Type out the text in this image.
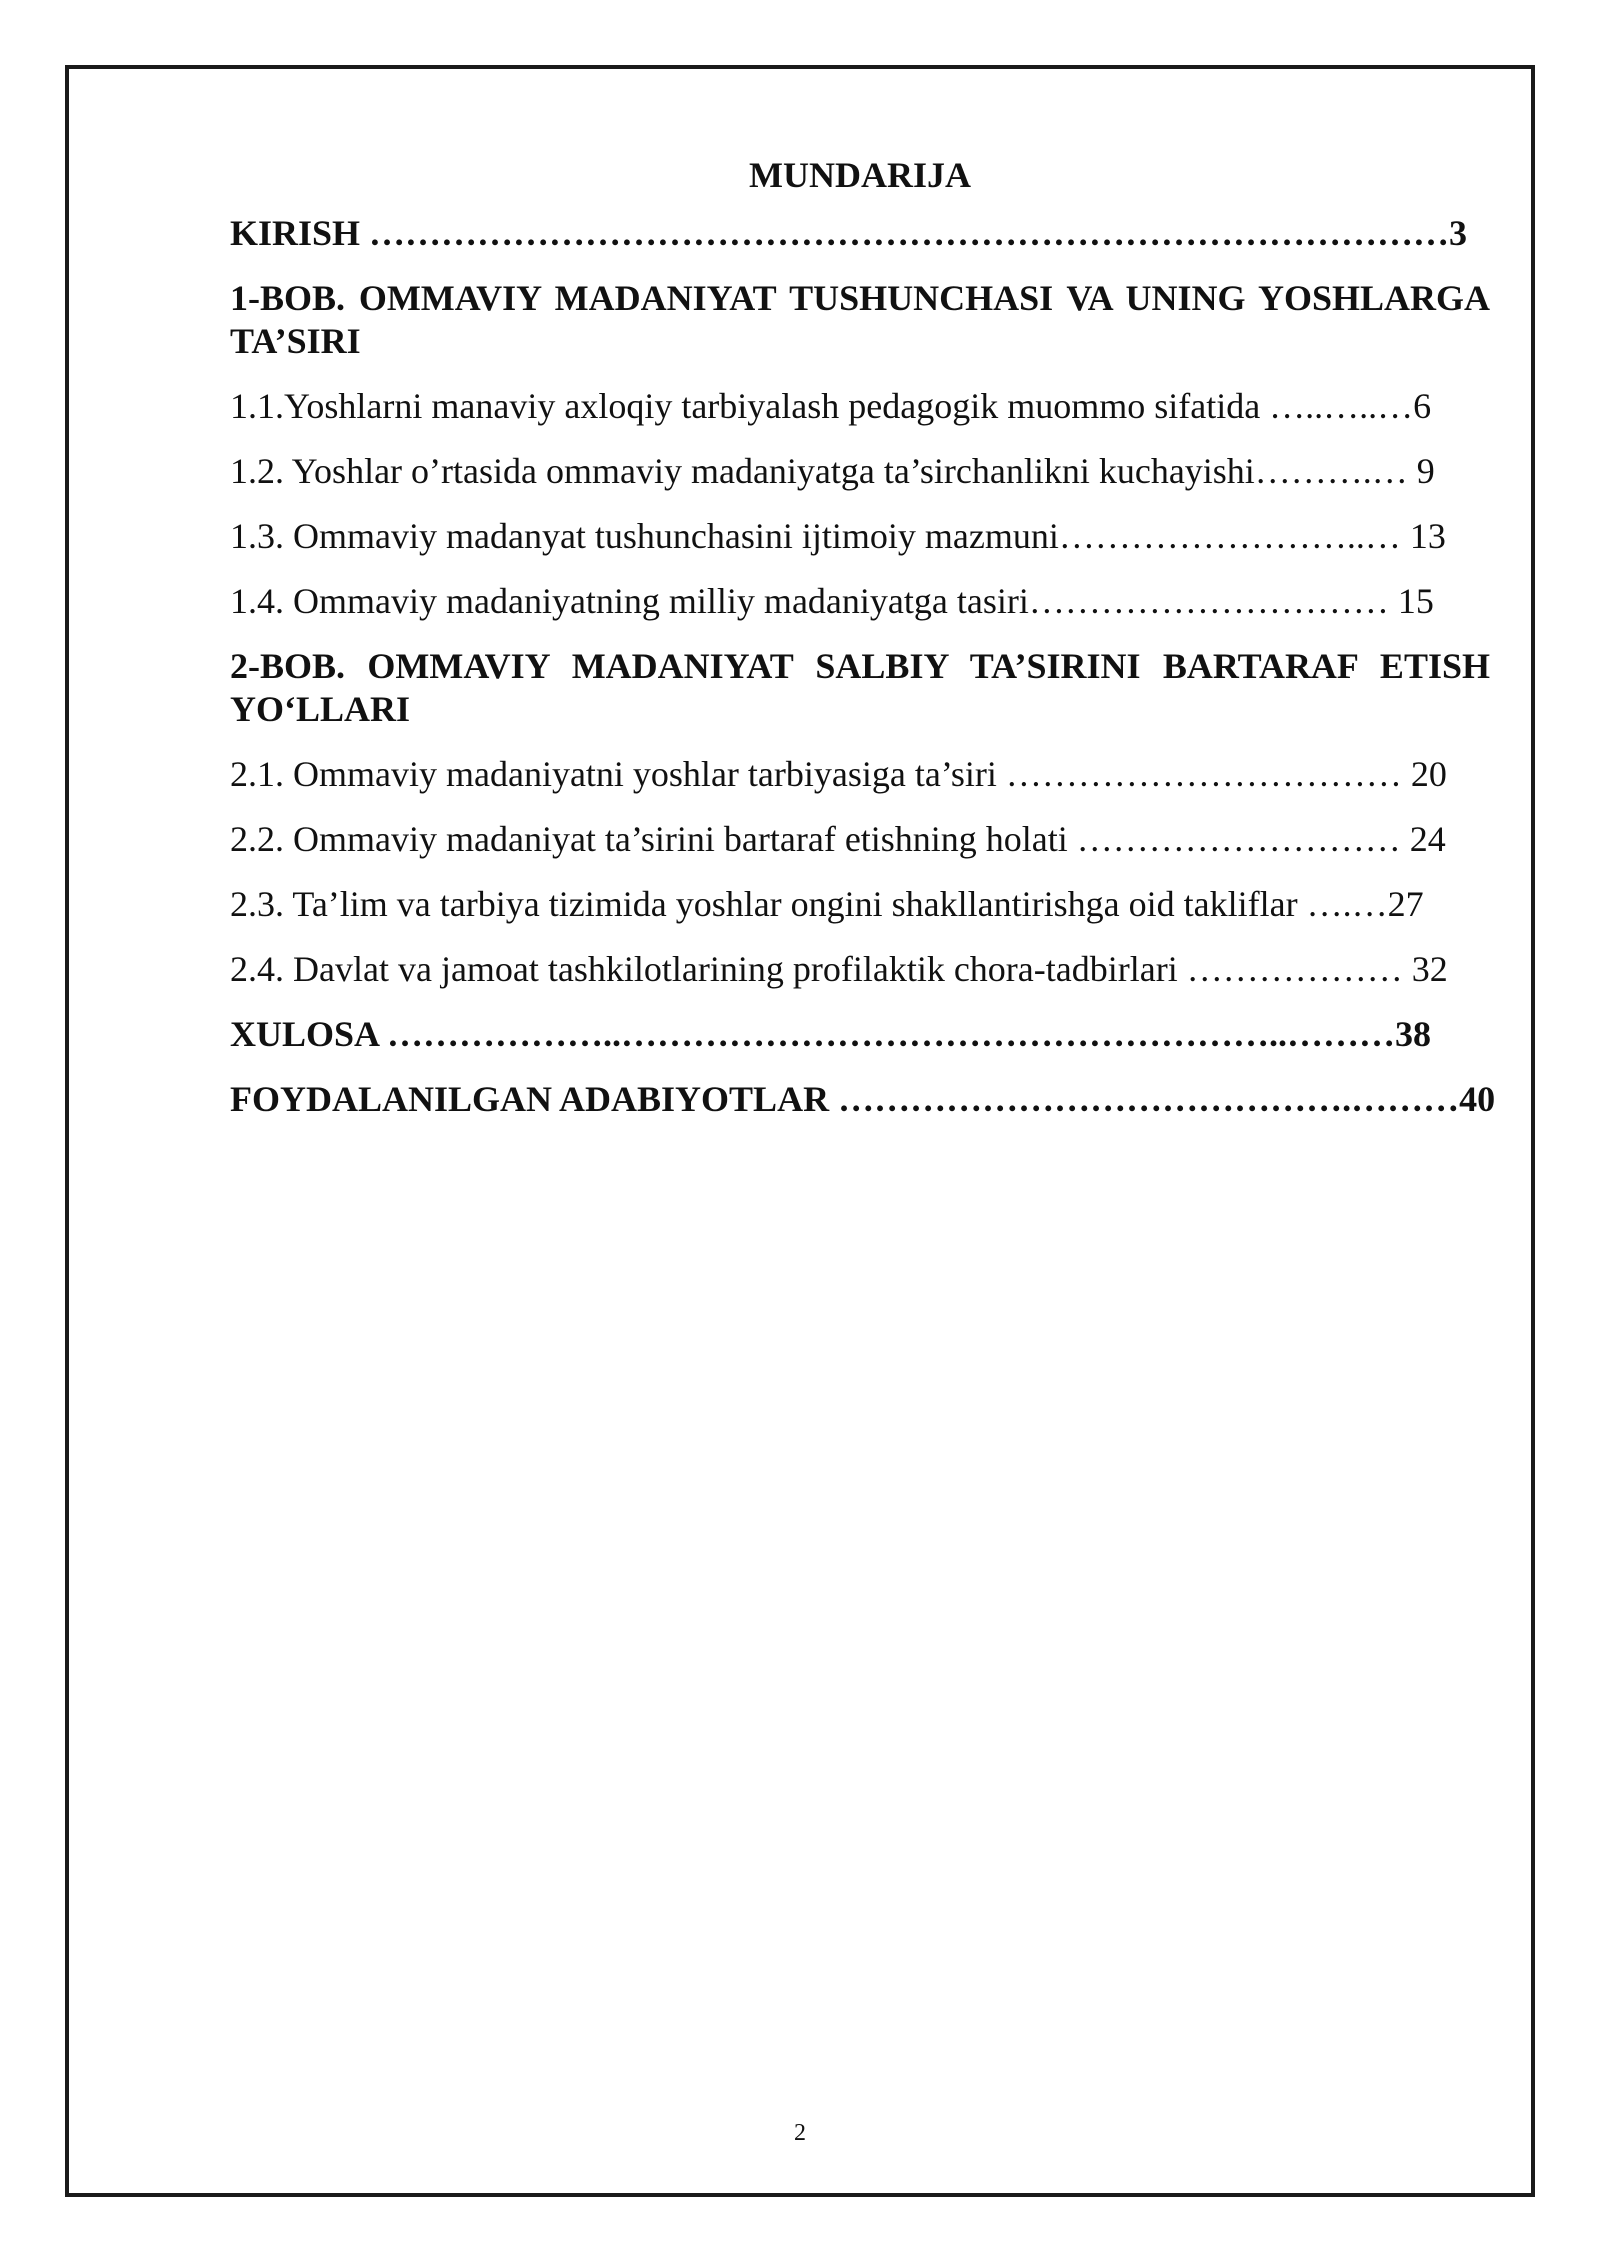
MUNDARIJA

KIRISH ………………………………………………………………………………3

1-BOB. OMMAVIY MADANIYAT TUSHUNCHASI VA UNING YOSHLARGA TA’SIRI

1.1.Yoshlarni manaviy axloqiy tarbiyalash pedagogik muommo sifatida …..…..…6

1.2. Yoshlar o’rtasida ommaviy madaniyatga ta’sirchanlikni kuchayishi……….… 9

1.3. Ommaviy madanyat tushunchasini ijtimoiy mazmuni……………………..… 13

1.4. Ommaviy madaniyatning milliy madaniyatga tasiri………………………… 15

2-BOB. OMMAVIY MADANIYAT SALBIY TA’SIRINI BARTARAF ETISH YO‘LLARI

2.1. Ommaviy madaniyatni yoshlar tarbiyasiga ta’siri …………………………… 20

2.2. Ommaviy madaniyat ta’sirini bartaraf etishning holati ……………………… 24

2.3. Ta’lim va tarbiya tizimida yoshlar ongini shakllantirishga oid takliflar ….…27

2.4. Davlat va jamoat tashkilotlarining profilaktik chora-tadbirlari ……………… 32

XULOSA ………………..………………………………………………..………38

FOYDALANILGAN ADABIYOTLAR …………………………………….………40

2
